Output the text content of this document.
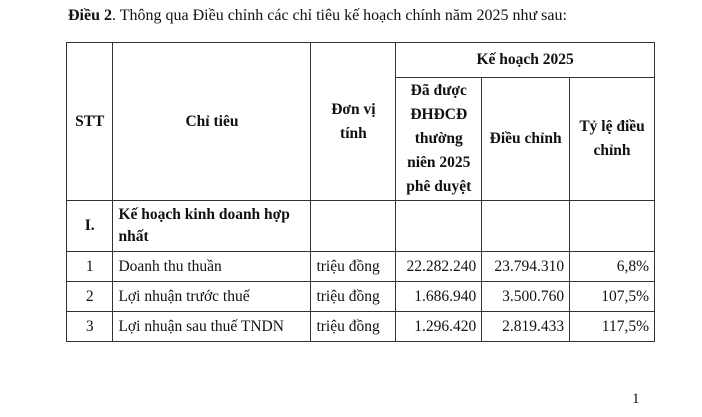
Điều 2. Thông qua Điều chỉnh các chỉ tiêu kế hoạch chính năm 2025 như sau:
STT	Chỉ tiêu	Đơn vị tính	Kế hoạch 2025		
			Đã được ĐHĐCĐ thường niên 2025 phê duyệt	Điều chỉnh	Tỷ lệ điều chỉnh
I.	Kế hoạch kinh doanh hợp nhất				
1	Doanh thu thuần	triệu đồng	22.282.240	23.794.310	6,8%
2	Lợi nhuận trước thuế	triệu đồng	1.686.940	3.500.760	107,5%
3	Lợi nhuận sau thuế TNDN	triệu đồng	1.296.420	2.819.433	117,5%
1
